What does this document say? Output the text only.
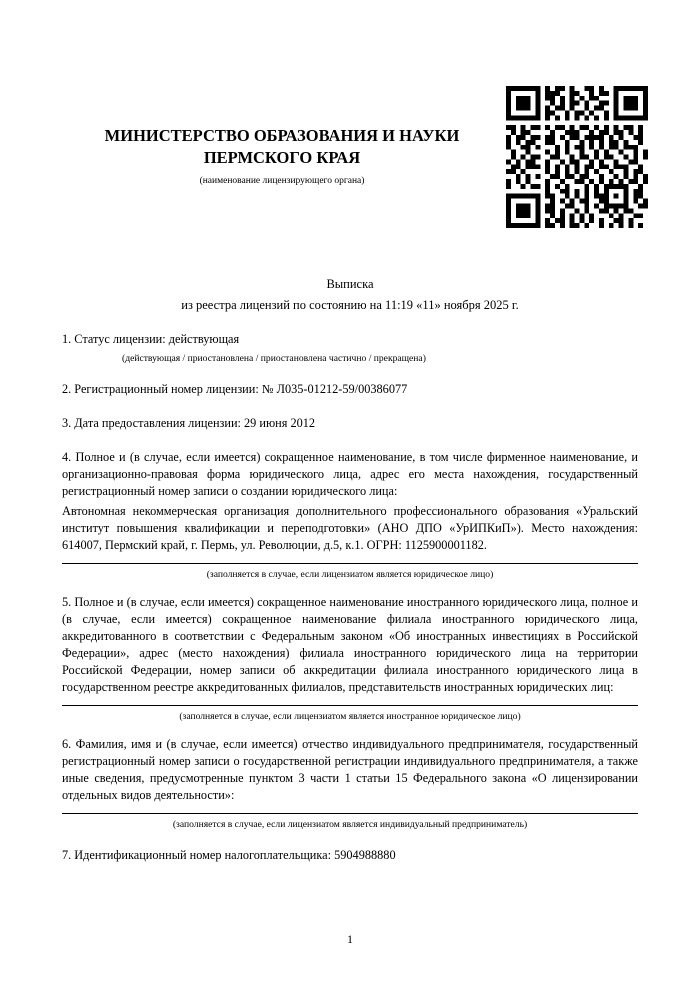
МИНИСТЕРСТВО ОБРАЗОВАНИЯ И НАУКИ ПЕРМСКОГО КРАЯ
(наименование лицензирующего органа)
Выписка
из реестра лицензий по состоянию на 11:19 «11» ноября 2025 г.
1. Статус лицензии: действующая
(действующая / приостановлена / приостановлена частично / прекращена)
2. Регистрационный номер лицензии: № Л035-01212-59/00386077
3. Дата предоставления лицензии: 29 июня 2012
4. Полное и (в случае, если имеется) сокращенное наименование, в том числе фирменное наименование, и организационно-правовая форма юридического лица, адрес его места нахождения, государственный регистрационный номер записи о создании юридического лица:
Автономная некоммерческая организация дополнительного профессионального образования «Уральский институт повышения квалификации и переподготовки» (АНО ДПО «УрИПКиП»). Место нахождения: 614007, Пермский край, г. Пермь, ул. Революции, д.5, к.1. ОГРН: 1125900001182.
(заполняется в случае, если лицензиатом является юридическое лицо)
5. Полное и (в случае, если имеется) сокращенное наименование иностранного юридического лица, полное и (в случае, если имеется) сокращенное наименование филиала иностранного юридического лица, аккредитованного в соответствии с Федеральным законом «Об иностранных инвестициях в Российской Федерации», адрес (место нахождения) филиала иностранного юридического лица на территории Российской Федерации, номер записи об аккредитации филиала иностранного юридического лица в государственном реестре аккредитованных филиалов, представительств иностранных юридических лиц:
(заполняется в случае, если лицензиатом является иностранное юридическое лицо)
6. Фамилия, имя и (в случае, если имеется) отчество индивидуального предпринимателя, государственный регистрационный номер записи о государственной регистрации индивидуального предпринимателя, а также иные сведения, предусмотренные пунктом 3 части 1 статьи 15 Федерального закона «О лицензировании отдельных видов деятельности»:
(заполняется в случае, если лицензиатом является индивидуальный предприниматель)
7. Идентификационный номер налогоплательщика: 5904988880
1
